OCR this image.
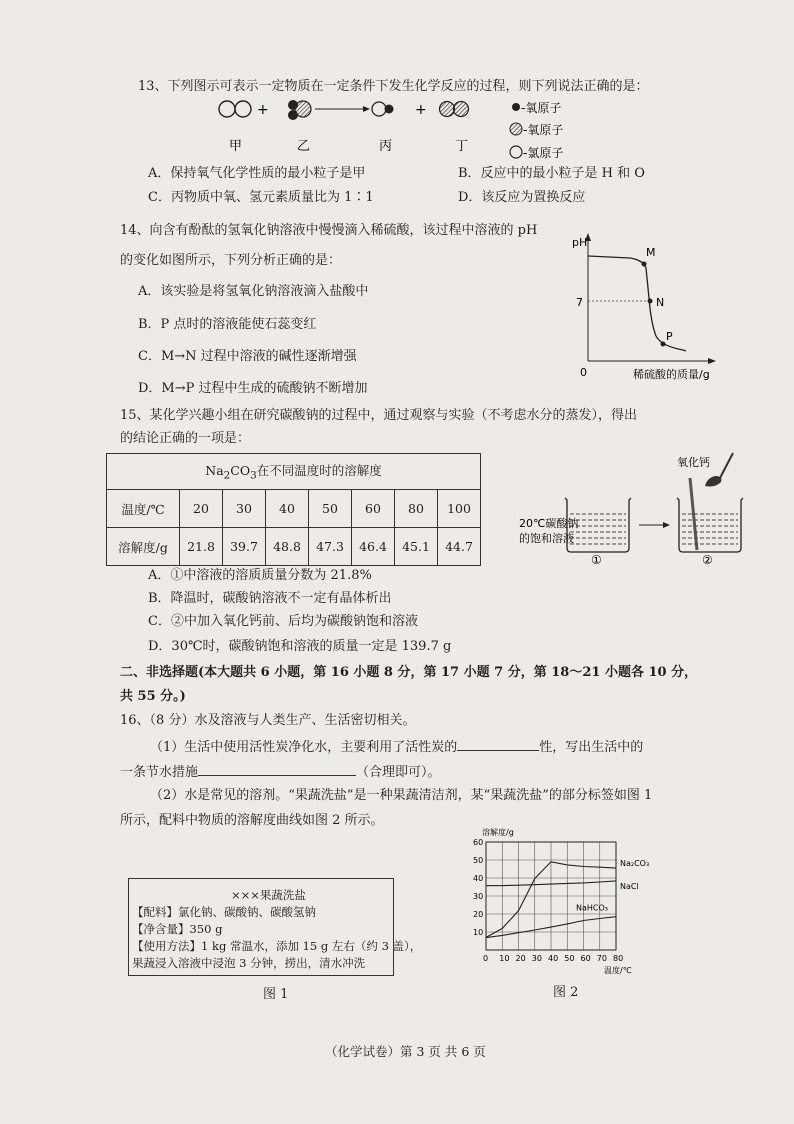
13、下列图示可表示一定物质在一定条件下发生化学反应的过程，则下列说法正确的是：
+	+
甲	乙	丙	丁
-氧原子
-氧原子
-氯原子
A．保持氧气化学性质的最小粒子是甲	B．反应中的最小粒子是 H 和 O
C．丙物质中氧、氢元素质量比为 1∶1	D．该反应为置换反应
14、向含有酚酞的氢氧化钠溶液中慢慢滴入稀硫酸，该过程中溶液的 pH
的变化如图所示，下列分析正确的是：
A．该实验是将氢氧化钠溶液滴入盐酸中
B．P 点时的溶液能使石蕊变红
C．M→N 过程中溶液的碱性逐渐增强
D．M→P 过程中生成的硫酸钠不断增加
pH
0
7
M
N
P
稀硫酸的质量/g
15、某化学兴趣小组在研究碳酸钠的过程中，通过观察与实验（不考虑水分的蒸发），得出
的结论正确的一项是：
$Na_2CO_3$在不同温度时的溶解度							
温度/℃	20	30	40	50	60	80	100
溶解度/g	21.8	39.7	48.8	47.3	46.4	45.1	44.7
氧化钙
20℃碳酸钠
的饱和溶液
①	②
A．①中溶液的溶质质量分数为 21.8%
B．降温时，碳酸钠溶液不一定有晶体析出
C．②中加入氧化钙前、后均为碳酸钠饱和溶液
D．30℃时，碳酸钠饱和溶液的质量一定是 139.7 g
二、非选择题(本大题共 6 小题，第 16 小题 8 分，第 17 小题 7 分，第 18～21 小题各 10 分，
共 55 分。)
16、（8 分）水及溶液与人类生产、生活密切相关。
（1）生活中使用活性炭净化水，主要利用了活性炭的	性，写出生活中的
一条节水措施	（合理即可）。
（2）水是常见的溶剂。“果蔬洗盐”是一种果蔬清洁剂，某“果蔬洗盐”的部分标签如图 1
所示，配料中物质的溶解度曲线如图 2 所示。
×××果蔬洗盐
【配料】氯化钠、碳酸钠、碳酸氢钠
【净含量】350 g
【使用方法】1 kg 常温水，添加 15 g 左右（约 3 盖），
果蔬浸入溶液中浸泡 3 分钟，捞出，清水冲洗
图 1
0 10 20 30 40 50 60 70 80
10
20
30
40
50
60
溶解度/g
温度/℃
Na₂CO₃
NaCl
NaHCO₃
图 2
（化学试卷）第 3 页 共 6 页
